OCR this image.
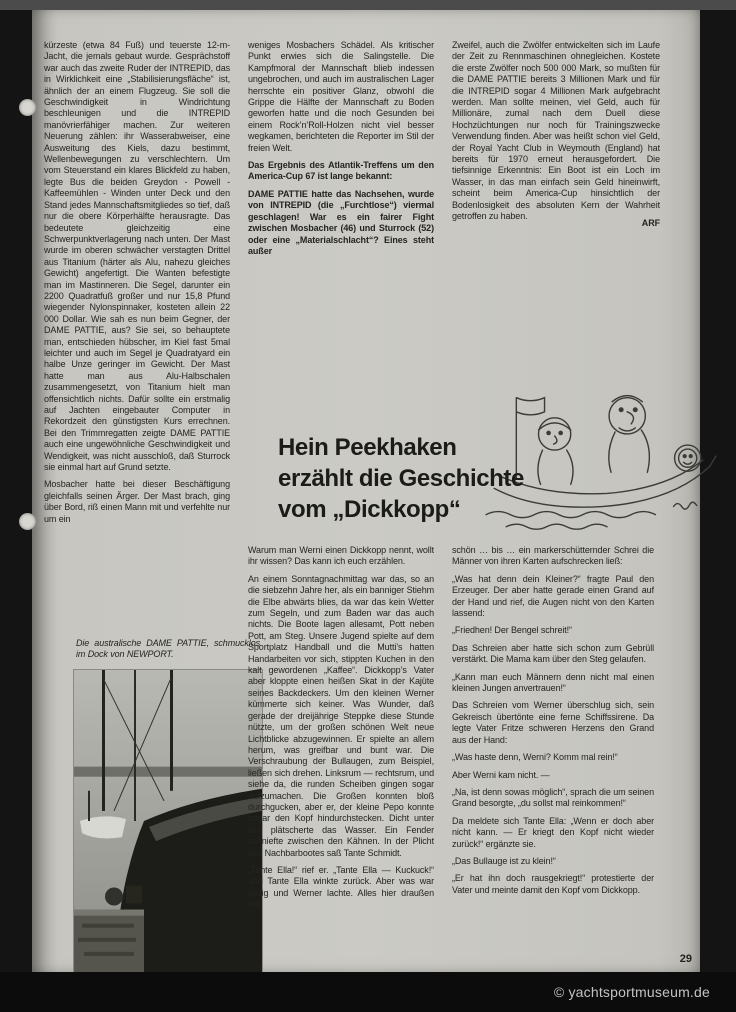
kürzeste (etwa 84 Fuß) und teuerste 12-m-Jacht, die jemals gebaut wurde. Gesprächstoff war auch das zweite Ruder der INTREPID, das in Wirklichkeit eine „Stabilisierungsfläche“ ist, ähnlich der an einem Flugzeug. Sie soll die Geschwindigkeit in Windrichtung beschleunigen und die INTREPID manövrierfähiger machen. Zur weiteren Neuerung zählen: ihr Wasserabweiser, eine Ausweitung des Kiels, dazu bestimmt, Wellenbewegungen zu verschlechtern. Um vom Steuerstand ein klares Blickfeld zu haben, legte Bus die beiden Greydon - Powell - Kaffeemühlen - Winden unter Deck und den Stand jedes Mannschaftsmitgliedes so tief, daß nur die obere Körperhälfte herausragte. Das bedeutete gleichzeitig eine Schwerpunktverlagerung nach unten. Der Mast wurde im oberen schwächer verstagten Drittel aus Titanium (härter als Alu, nahezu gleiches Gewicht) angefertigt. Die Wanten befestigte man im Mastinneren. Die Segel, darunter ein 2200 Quadratfuß großer und nur 15,8 Pfund wiegender Nylonspinnaker, kosteten allein 22 000 Dollar. Wie sah es nun beim Gegner, der DAME PATTIE, aus? Sie sei, so behauptete man, entschieden hübscher, im Kiel fast 5mal leichter und auch im Segel je Quadratyard ein halbe Unze geringer im Gewicht. Der Mast hatte man aus Alu-Halbschalen zusammengesetzt, von Titanium hielt man offensichtlich nichts. Dafür sollte ein erstmalig auf Jachten eingebauter Computer in Rekordzeit den günstigsten Kurs errechnen. Bei den Trimmregatten zeigte DAME PATTIE auch eine ungewöhnliche Geschwindigkeit und Wendigkeit, was nicht ausschloß, daß Sturrock sie einmal hart auf Grund setzte.
Mosbacher hatte bei dieser Beschäftigung gleichfalls seinen Ärger. Der Mast brach, ging über Bord, riß einen Mann mit und verfehlte nur um ein
weniges Mosbachers Schädel. Als kritischer Punkt erwies sich die Salingstelle. Die Kampfmoral der Mannschaft blieb indessen ungebrochen, und auch im australischen Lager herrschte ein positiver Glanz, obwohl die Grippe die Hälfte der Mannschaft zu Boden geworfen hatte und die noch Gesunden bei einem Rock’n’Roll-Holzen nicht viel besser wegkamen, berichteten die Reporter im Stil der freien Welt.
Das Ergebnis des Atlantik-Treffens um den America-Cup 67 ist lange bekannt:
DAME PATTIE hatte das Nachsehen, wurde von INTREPID (die „Furchtlose“) viermal geschlagen! War es ein fairer Fight zwischen Mosbacher (46) und Sturrock (52) oder eine „Materialschlacht“? Eines steht außer
Zweifel, auch die Zwölfer entwickelten sich im Laufe der Zeit zu Rennmaschinen ohnegleichen. Kostete die erste Zwölfer noch 500 000 Mark, so mußten für die DAME PATTIE bereits 3 Millionen Mark und für die INTREPID sogar 4 Millionen Mark aufgebracht werden. Man sollte meinen, viel Geld, auch für Millionäre, zumal nach dem Duell diese Hochzüchtungen nur noch für Trainingszwecke Verwendung finden. Aber was heißt schon viel Geld, der Royal Yacht Club in Weymouth (England) hat bereits für 1970 erneut herausgefordert. Die tiefsinnige Erkenntnis: Ein Boot ist ein Loch im Wasser, in das man einfach sein Geld hineinwirft, scheint beim America-Cup hinsichtlich der Bodenlosigkeit des absoluten Kern der Wahrheit getroffen zu haben.
ARF
Hein Peekhaken
erzählt die Geschichte
vom „Dickkopp“
Die australische DAME PATTIE, schmucklos im Dock von NEWPORT.
Warum man Werni einen Dickkopp nennt, wollt ihr wissen? Das kann ich euch erzählen.
An einem Sonntagnachmittag war das, so an die siebzehn Jahre her, als ein banniger Stiehm die Elbe abwärts blies, da war das kein Wetter zum Segeln, und zum Baden war das auch nichts. Die Boote lagen allesamt, Pott neben Pott, am Steg. Unsere Jugend spielte auf dem Sportplatz Handball und die Mutti’s hatten Handarbeiten vor sich, stippten Kuchen in den kalt gewordenen „Kaffee“. Dickkopp’s Vater aber kloppte einen heißen Skat in der Kajüte seines Backdeckers. Um den kleinen Werner kümmerte sich keiner. Was Wunder, daß gerade der dreijährige Steppke diese Stunde nützte, um der großen schönen Welt neue Lichtblicke abzugewinnen. Er spielte an allem herum, was greifbar und bunt war. Die Verschraubung der Bullaugen, zum Beispiel, ließen sich drehen. Linksrum — rechtsrum, und siehe da, die runden Scheiben gingen sogar aufzumachen. Die Großen konnten bloß durchgucken, aber er, der kleine Pepo konnte sogar den Kopf hindurchstecken. Dicht unter ihm plätscherte das Wasser. Ein Fender schniefte zwischen den Kähnen. In der Plicht des Nachbarbootes saß Tante Schmidt.
„Tante Ella!“ rief er. „Tante Ella — Kuckuck!“ und Tante Ella winkte zurück. Aber was war lustig und Werner lachte. Alles hier draußen war
schön … bis … ein markerschütternder Schrei die Männer von ihren Karten aufschrecken ließ:
„Was hat denn dein Kleiner?“ fragte Paul den Erzeuger. Der aber hatte gerade einen Grand auf der Hand und rief, die Augen nicht von den Karten lassend:
„Friedhen! Der Bengel schreit!“
Das Schreien aber hatte sich schon zum Gebrüll verstärkt. Die Mama kam über den Steg gelaufen.
„Kann man euch Männern denn nicht mal einen kleinen Jungen anvertrauen!“
Das Schreien vom Werner überschlug sich, sein Gekreisch übertönte eine ferne Schiffssirene. Da legte Vater Fritze schweren Herzens den Grand aus der Hand:
„Was haste denn, Werni? Komm mal rein!“
Aber Werni kam nicht. —
„Na, ist denn sowas möglich“, sprach die um seinen Grand besorgte, „du sollst mal reinkommen!“
Da meldete sich Tante Ella: „Wenn er doch aber nicht kann. — Er kriegt den Kopf nicht wieder zurück!“ ergänzte sie.
„Das Bullauge ist zu klein!“
„Er hat ihn doch rausgekriegt!“ protestierte der Vater und meinte damit den Kopf vom Dickkopp.
29
© yachtsportmuseum.de
